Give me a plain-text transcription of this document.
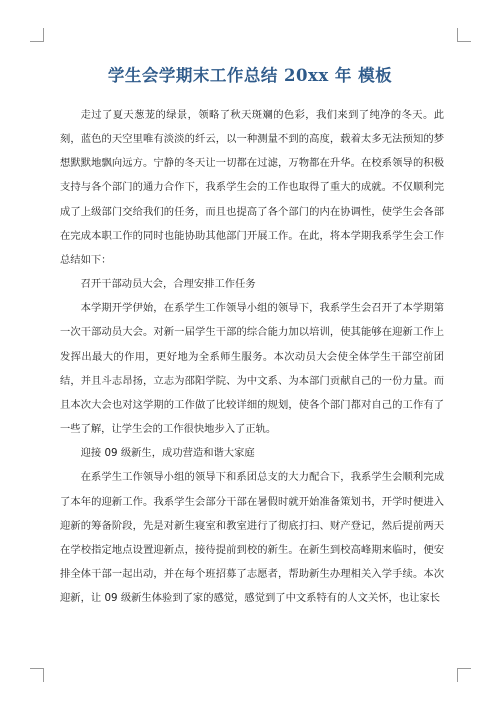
学生会学期末工作总结 20xx 年 模板

走过了夏天葱茏的绿景，领略了秋天斑斓的色彩，我们来到了纯净的冬天。此刻，蓝色的天空里唯有淡淡的纤云，以一种测量不到的高度，载着太多无法预知的梦想默默地飘向远方。宁静的冬天让一切都在过滤，万物都在升华。在校系领导的积极支持与各个部门的通力合作下，我系学生会的工作也取得了重大的成就。不仅顺利完成了上级部门交给我们的任务，而且也提高了各个部门的内在协调性，使学生会各部在完成本职工作的同时也能协助其他部门开展工作。在此，将本学期我系学生会工作总结如下：

召开干部动员大会，合理安排工作任务

本学期开学伊始，在系学生工作领导小组的领导下，我系学生会召开了本学期第一次干部动员大会。对新一届学生干部的综合能力加以培训，使其能够在迎新工作上发挥出最大的作用，更好地为全系师生服务。本次动员大会使全体学生干部空前团结，并且斗志昂扬，立志为邵阳学院、为中文系、为本部门贡献自己的一份力量。而且本次大会也对这学期的工作做了比较详细的规划，使各个部门都对自己的工作有了一些了解，让学生会的工作很快地步入了正轨。

迎接 09 级新生，成功营造和谐大家庭

在系学生工作领导小组的领导下和系团总支的大力配合下，我系学生会顺利完成了本年的迎新工作。我系学生会部分干部在暑假时就开始准备策划书，开学时便进入迎新的筹备阶段，先是对新生寝室和教室进行了彻底打扫、财产登记，然后提前两天在学校指定地点设置迎新点，接待提前到校的新生。在新生到校高峰期来临时，便安排全体干部一起出动，并在每个班招募了志愿者，帮助新生办理相关入学手续。本次迎新，让 09 级新生体验到了家的感觉，感觉到了中文系特有的人文关怀，也让家长
